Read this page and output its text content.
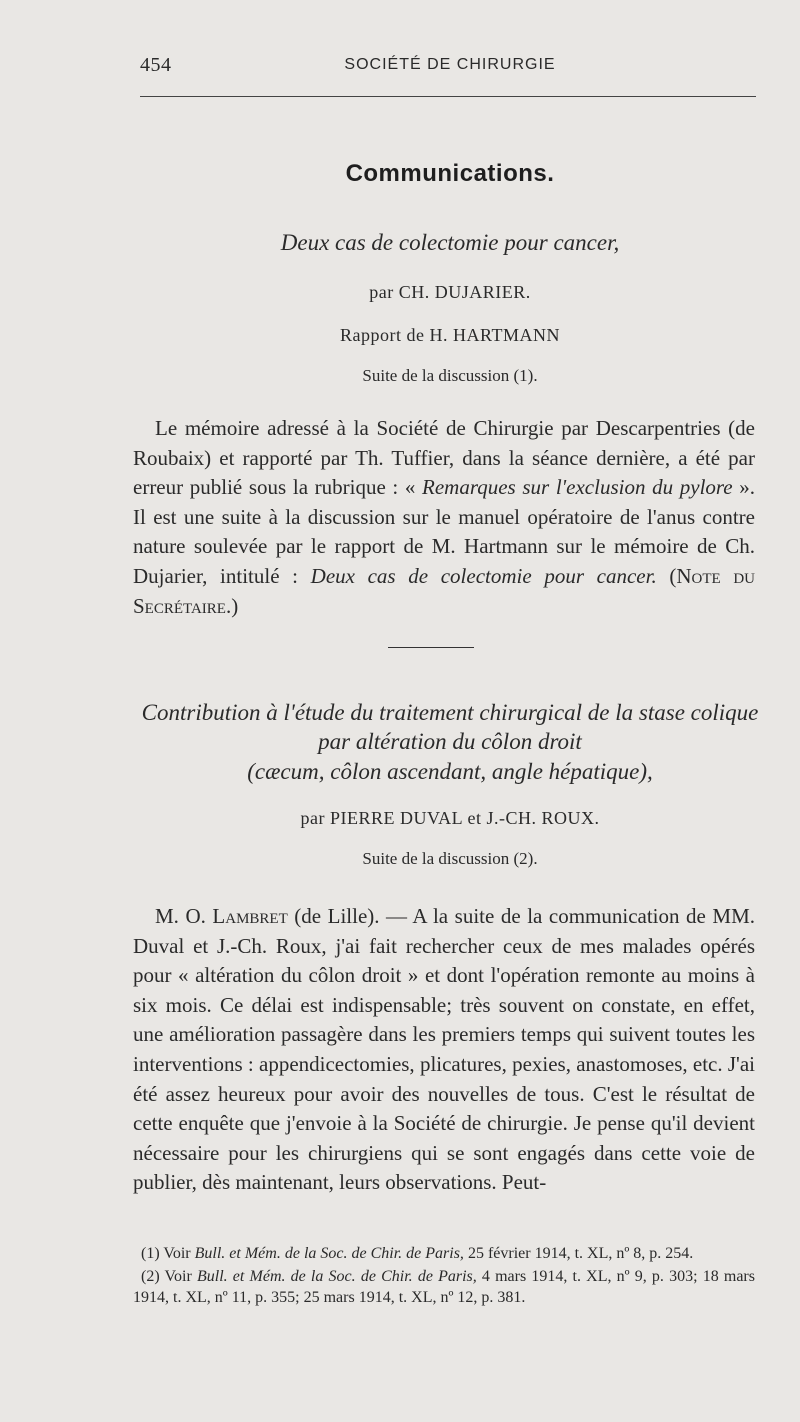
454	SOCIÉTÉ DE CHIRURGIE
Communications.
Deux cas de colectomie pour cancer,
par CH. DUJARIER.
Rapport de H. HARTMANN
Suite de la discussion (1).

Le mémoire adressé à la Société de Chirurgie par Descarpentries (de Roubaix) et rapporté par Th. Tuffier, dans la séance dernière, a été par erreur publié sous la rubrique : « Remarques sur l'exclusion du pylore ». Il est une suite à la discussion sur le manuel opératoire de l'anus contre nature soulevée par le rapport de M. Hartmann sur le mémoire de Ch. Dujarier, intitulé : Deux cas de colectomie pour cancer. (Note du Secrétaire.)

Contribution à l'étude du traitement chirurgical de la stase colique
par altération du côlon droit
(cæcum, côlon ascendant, angle hépatique),
par PIERRE DUVAL et J.-CH. ROUX.
Suite de la discussion (2).

M. O. Lambret (de Lille). — A la suite de la communication de MM. Duval et J.-Ch. Roux, j'ai fait rechercher ceux de mes malades opérés pour « altération du côlon droit » et dont l'opération remonte au moins à six mois. Ce délai est indispensable; très souvent on constate, en effet, une amélioration passagère dans les premiers temps qui suivent toutes les interventions : appendicectomies, plicatures, pexies, anastomoses, etc. J'ai été assez heureux pour avoir des nouvelles de tous. C'est le résultat de cette enquête que j'envoie à la Société de chirurgie. Je pense qu'il devient nécessaire pour les chirurgiens qui se sont engagés dans cette voie de publier, dès maintenant, leurs observations. Peut-

(1) Voir Bull. et Mém. de la Soc. de Chir. de Paris, 25 février 1914, t. XL, nº 8, p. 254.

(2) Voir Bull. et Mém. de la Soc. de Chir. de Paris, 4 mars 1914, t. XL, nº 9, p. 303; 18 mars 1914, t. XL, nº 11, p. 355; 25 mars 1914, t. XL, nº 12, p. 381.
